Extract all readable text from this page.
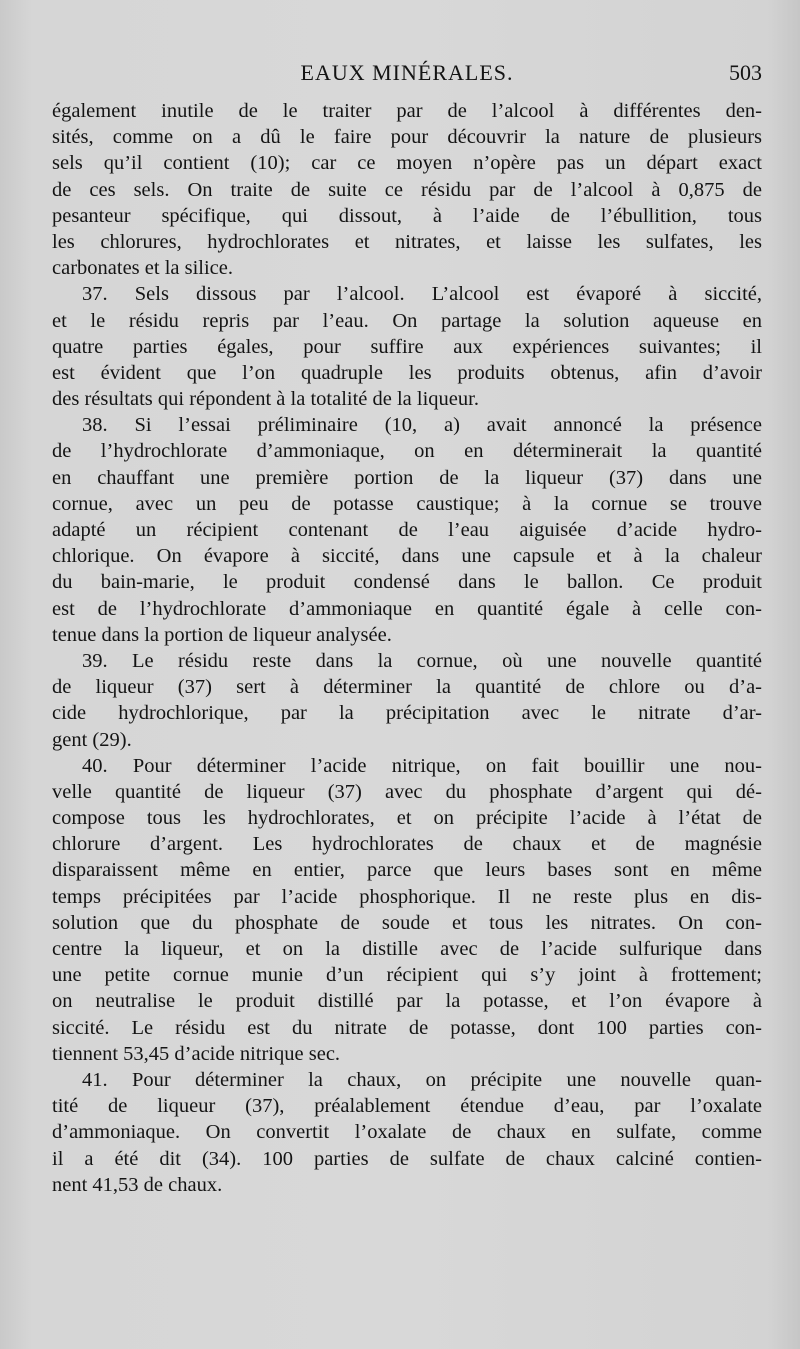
EAUX MINÉRALES.	503
également inutile de le traiter par de l’alcool à différentes den-
sités, comme on a dû le faire pour découvrir la nature de plusieurs
sels qu’il contient (10); car ce moyen n’opère pas un départ exact
de ces sels. On traite de suite ce résidu par de l’alcool à 0,875 de
pesanteur spécifique, qui dissout, à l’aide de l’ébullition, tous
les chlorures, hydrochlorates et nitrates, et laisse les sulfates, les
carbonates et la silice.
37. Sels dissous par l’alcool. L’alcool est évaporé à siccité,
et le résidu repris par l’eau. On partage la solution aqueuse en
quatre parties égales, pour suffire aux expériences suivantes; il
est évident que l’on quadruple les produits obtenus, afin d’avoir
des résultats qui répondent à la totalité de la liqueur.
38. Si l’essai préliminaire (10, a) avait annoncé la présence
de l’hydrochlorate d’ammoniaque, on en déterminerait la quantité
en chauffant une première portion de la liqueur (37) dans une
cornue, avec un peu de potasse caustique; à la cornue se trouve
adapté un récipient contenant de l’eau aiguisée d’acide hydro-
chlorique. On évapore à siccité, dans une capsule et à la chaleur
du bain-marie, le produit condensé dans le ballon. Ce produit
est de l’hydrochlorate d’ammoniaque en quantité égale à celle con-
tenue dans la portion de liqueur analysée.
39. Le résidu reste dans la cornue, où une nouvelle quantité
de liqueur (37) sert à déterminer la quantité de chlore ou d’a-
cide hydrochlorique, par la précipitation avec le nitrate d’ar-
gent (29).
40. Pour déterminer l’acide nitrique, on fait bouillir une nou-
velle quantité de liqueur (37) avec du phosphate d’argent qui dé-
compose tous les hydrochlorates, et on précipite l’acide à l’état de
chlorure d’argent. Les hydrochlorates de chaux et de magnésie
disparaissent même en entier, parce que leurs bases sont en même
temps précipitées par l’acide phosphorique. Il ne reste plus en dis-
solution que du phosphate de soude et tous les nitrates. On con-
centre la liqueur, et on la distille avec de l’acide sulfurique dans
une petite cornue munie d’un récipient qui s’y joint à frottement;
on neutralise le produit distillé par la potasse, et l’on évapore à
siccité. Le résidu est du nitrate de potasse, dont 100 parties con-
tiennent 53,45 d’acide nitrique sec.
41. Pour déterminer la chaux, on précipite une nouvelle quan-
tité de liqueur (37), préalablement étendue d’eau, par l’oxalate
d’ammoniaque. On convertit l’oxalate de chaux en sulfate, comme
il a été dit (34). 100 parties de sulfate de chaux calciné contien-
nent 41,53 de chaux.
